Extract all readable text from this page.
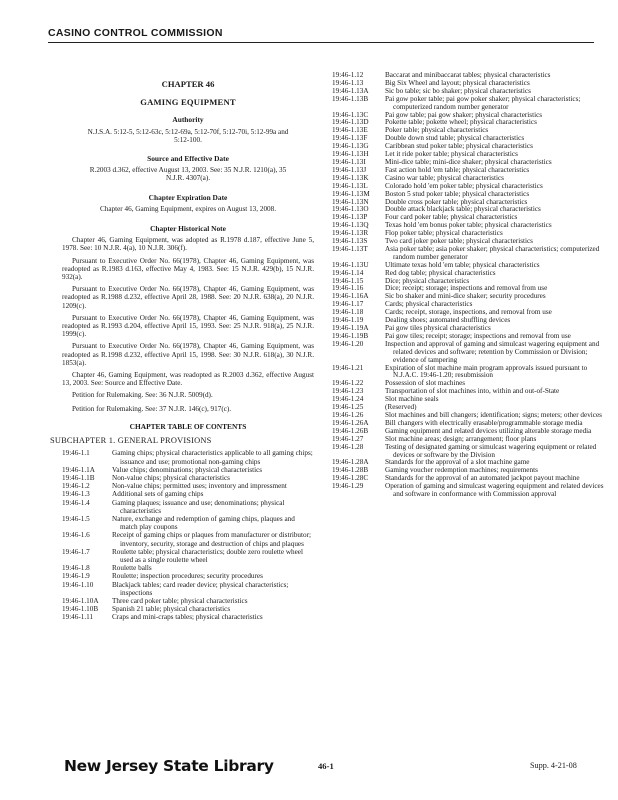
CASINO CONTROL COMMISSION
CHAPTER 46
GAMING EQUIPMENT
Authority
N.J.S.A. 5:12-5, 5:12-63c, 5:12-69a, 5:12-70f, 5:12-70i, 5:12-99a and 5:12-100.
Source and Effective Date
R.2003 d.362, effective August 13, 2003. See: 35 N.J.R. 1210(a), 35 N.J.R. 4307(a).
Chapter Expiration Date
Chapter 46, Gaming Equipment, expires on August 13, 2008.
Chapter Historical Note
Chapter 46, Gaming Equipment, was adopted as R.1978 d.187, effective June 5, 1978. See: 10 N.J.R. 4(a), 10 N.J.R. 306(f).
Pursuant to Executive Order No. 66(1978), Chapter 46, Gaming Equipment, was readopted as R.1983 d.163, effective May 4, 1983. See: 15 N.J.R. 429(b), 15 N.J.R. 932(a).
Pursuant to Executive Order No. 66(1978), Chapter 46, Gaming Equipment, was readopted as R.1988 d.232, effective April 28, 1988. See: 20 N.J.R. 638(a), 20 N.J.R. 1209(c).
Pursuant to Executive Order No. 66(1978), Chapter 46, Gaming Equipment, was readopted as R.1993 d.204, effective April 15, 1993. See: 25 N.J.R. 918(a), 25 N.J.R. 1999(c).
Pursuant to Executive Order No. 66(1978), Chapter 46, Gaming Equipment, was readopted as R.1998 d.232, effective April 15, 1998. See: 30 N.J.R. 618(a), 30 N.J.R. 1853(a).
Chapter 46, Gaming Equipment, was readopted as R.2003 d.362, effective August 13, 2003. See: Source and Effective Date.
Petition for Rulemaking. See: 36 N.J.R. 5009(d).
Petition for Rulemaking. See: 37 N.J.R. 146(c), 917(c).
CHAPTER TABLE OF CONTENTS
SUBCHAPTER 1. GENERAL PROVISIONS
19:46-1.1	Gaming chips; physical characteristics applicable to all gaming chips; issuance and use; promotional non-gaming chips
19:46-1.1A	Value chips; denominations; physical characteristics
19:46-1.1B	Non-value chips; physical characteristics
19:46-1.2	Non-value chips; permitted uses; inventory and impressment
19:46-1.3	Additional sets of gaming chips
19:46-1.4	Gaming plaques; issuance and use; denominations; physical characteristics
19:46-1.5	Nature, exchange and redemption of gaming chips, plaques and match play coupons
19:46-1.6	Receipt of gaming chips or plaques from manufacturer or distributor; inventory, security, storage and destruction of chips and plaques
19:46-1.7	Roulette table; physical characteristics; double zero roulette wheel used as a single roulette wheel
19:46-1.8	Roulette balls
19:46-1.9	Roulette; inspection procedures; security procedures
19:46-1.10	Blackjack tables; card reader device; physical characteristics; inspections
19:46-1.10A	Three card poker table; physical characteristics
19:46-1.10B	Spanish 21 table; physical characteristics
19:46-1.11	Craps and mini-craps tables; physical characteristics
19:46-1.12	Baccarat and minibaccarat tables; physical characteristics
19:46-1.13	Big Six Wheel and layout; physical characteristics
19:46-1.13A	Sic bo table; sic bo shaker; physical characteristics
19:46-1.13B	Pai gow poker table; pai gow poker shaker; physical characteristics; computerized random number generator
19:46-1.13C	Pai gow table; pai gow shaker; physical characteristics
19:46-1.13D	Pokette table; pokette wheel; physical characteristics
19:46-1.13E	Poker table; physical characteristics
19:46-1.13F	Double down stud table; physical characteristics
19:46-1.13G	Caribbean stud poker table; physical characteristics
19:46-1.13H	Let it ride poker table; physical characteristics
19:46-1.13I	Mini-dice table; mini-dice shaker; physical characteristics
19:46-1.13J	Fast action hold 'em table; physical characteristics
19:46-1.13K	Casino war table; physical characteristics
19:46-1.13L	Colorado hold 'em poker table; physical characteristics
19:46-1.13M	Boston 5 stud poker table; physical characteristics
19:46-1.13N	Double cross poker table; physical characteristics
19:46-1.13O	Double attack blackjack table; physical characteristics
19:46-1.13P	Four card poker table; physical characteristics
19:46-1.13Q	Texas hold 'em bonus poker table; physical characteristics
19:46-1.13R	Flop poker table; physical characteristics
19:46-1.13S	Two card joker poker table; physical characteristics
19:46-1.13T	Asia poker table; asia poker shaker; physical characteristics; computerized random number generator
19:46-1.13U	Ultimate texas hold 'em table; physical characteristics
19:46-1.14	Red dog table; physical characteristics
19:46-1.15	Dice; physical characteristics
19:46-1.16	Dice; receipt; storage; inspections and removal from use
19:46-1.16A	Sic bo shaker and mini-dice shaker; security procedures
19:46-1.17	Cards; physical characteristics
19:46-1.18	Cards; receipt, storage, inspections, and removal from use
19:46-1.19	Dealing shoes; automated shuffling devices
19:46-1.19A	Pai gow tiles physical characteristics
19:46-1.19B	Pai gow tiles; receipt; storage; inspections and removal from use
19:46-1.20	Inspection and approval of gaming and simulcast wagering equipment and related devices and software; retention by Commission or Division; evidence of tampering
19:46-1.21	Expiration of slot machine main program approvals issued pursuant to N.J.A.C. 19:46-1.20; resubmission
19:46-1.22	Possession of slot machines
19:46-1.23	Transportation of slot machines into, within and out-of-State
19:46-1.24	Slot machine seals
19:46-1.25	(Reserved)
19:46-1.26	Slot machines and bill changers; identification; signs; meters; other devices
19:46-1.26A	Bill changers with electrically erasable/programmable storage media
19:46-1.26B	Gaming equipment and related devices utilizing alterable storage media
19:46-1.27	Slot machine areas; design; arrangement; floor plans
19:46-1.28	Testing of designated gaming or simulcast wagering equipment or related devices or software by the Division
19:46-1.28A	Standards for the approval of a slot machine game
19:46-1.28B	Gaming voucher redemption machines; requirements
19:46-1.28C	Standards for the approval of an automated jackpot payout machine
19:46-1.29	Operation of gaming and simulcast wagering equipment and related devices and software in conformance with Commission approval
New Jersey State Library	46-1	Supp. 4-21-08
